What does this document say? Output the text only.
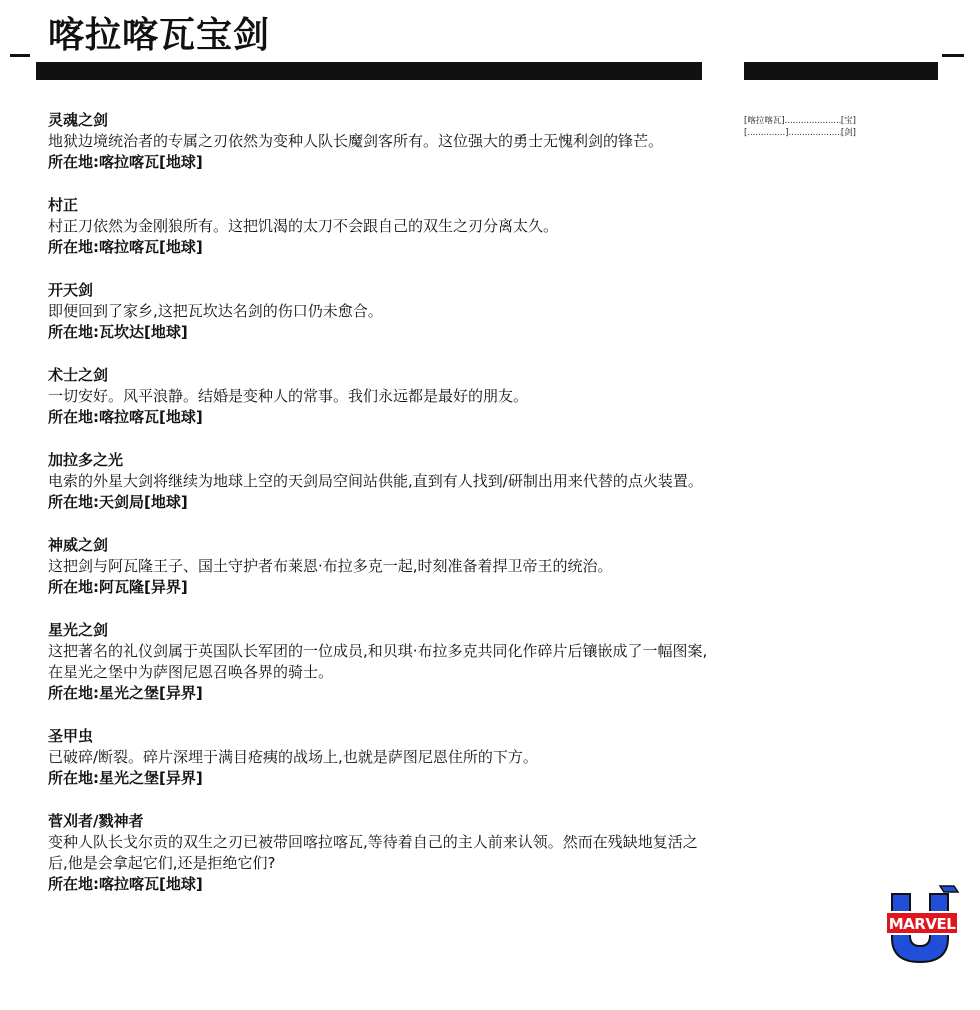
喀拉喀瓦宝剑
[喀拉喀瓦] .....	[宝]
[..............] .....	[剑]
灵魂之剑
地狱边境统治者的专属之刃依然为变种人队长魔剑客所有。这位强大的勇士无愧利剑的锋芒。
所在地:喀拉喀瓦[地球]
村正
村正刀依然为金刚狼所有。这把饥渴的太刀不会跟自己的双生之刃分离太久。
所在地:喀拉喀瓦[地球]
开天剑
即便回到了家乡,这把瓦坎达名剑的伤口仍未愈合。
所在地:瓦坎达[地球]
术士之剑
一切安好。风平浪静。结婚是变种人的常事。我们永远都是最好的朋友。
所在地:喀拉喀瓦[地球]
加拉多之光
电索的外星大剑将继续为地球上空的天剑局空间站供能,直到有人找到/研制出用来代替的点火装置。
所在地:天剑局[地球]
神威之剑
这把剑与阿瓦隆王子、国土守护者布莱恩·布拉多克一起,时刻准备着捍卫帝王的统治。
所在地:阿瓦隆[异界]
星光之剑
这把著名的礼仪剑属于英国队长军团的一位成员,和贝琪·布拉多克共同化作碎片后镶嵌成了一幅图案,在星光之堡中为萨图尼恩召唤各界的骑士。
所在地:星光之堡[异界]
圣甲虫
已破碎/断裂。碎片深埋于满目疮痍的战场上,也就是萨图尼恩住所的下方。
所在地:星光之堡[异界]
菅刈者/戮神者
变种人队长戈尔贡的双生之刃已被带回喀拉喀瓦,等待着自己的主人前来认领。然而在残缺地复活之后,他是会拿起它们,还是拒绝它们?
所在地:喀拉喀瓦[地球]
MARVEL
